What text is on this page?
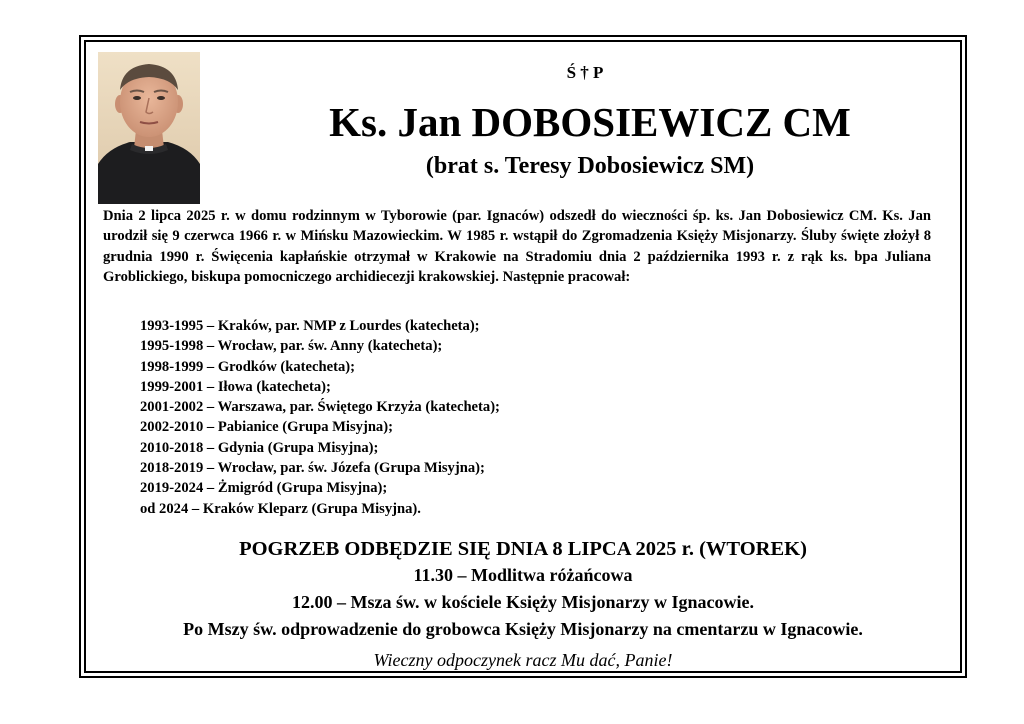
Ś † P
Ks. Jan DOBOSIEWICZ CM
(brat s. Teresy Dobosiewicz SM)
Dnia 2 lipca 2025 r. w domu rodzinnym w Tyborowie (par. Ignaców) odszedł do wieczności śp. ks. Jan Dobosiewicz CM. Ks. Jan urodził się 9 czerwca 1966 r. w Mińsku Mazowieckim. W 1985 r. wstąpił do Zgromadzenia Księży Misjonarzy. Śluby święte złożył 8 grudnia 1990 r. Święcenia kapłańskie otrzymał w Krakowie na Stradomiu dnia 2 października 1993 r. z rąk ks. bpa Juliana Groblickiego, biskupa pomocniczego archidiecezji krakowskiej. Następnie pracował:
1993-1995 – Kraków, par. NMP z Lourdes (katecheta);
1995-1998 – Wrocław, par. św. Anny (katecheta);
1998-1999 – Grodków (katecheta);
1999-2001 – Iłowa (katecheta);
2001-2002 – Warszawa, par. Świętego Krzyża (katecheta);
2002-2010 – Pabianice (Grupa Misyjna);
2010-2018 – Gdynia (Grupa Misyjna);
2018-2019 – Wrocław, par. św. Józefa (Grupa Misyjna);
2019-2024 – Żmigród (Grupa Misyjna);
od 2024 – Kraków Kleparz (Grupa Misyjna).
POGRZEB ODBĘDZIE SIĘ DNIA 8 LIPCA 2025 r. (WTOREK)
11.30 – Modlitwa różańcowa
12.00 – Msza św. w kościele Księży Misjonarzy w Ignacowie.
Po Mszy św. odprowadzenie do grobowca Księży Misjonarzy na cmentarzu w Ignacowie.
Wieczny odpoczynek racz Mu dać, Panie!
